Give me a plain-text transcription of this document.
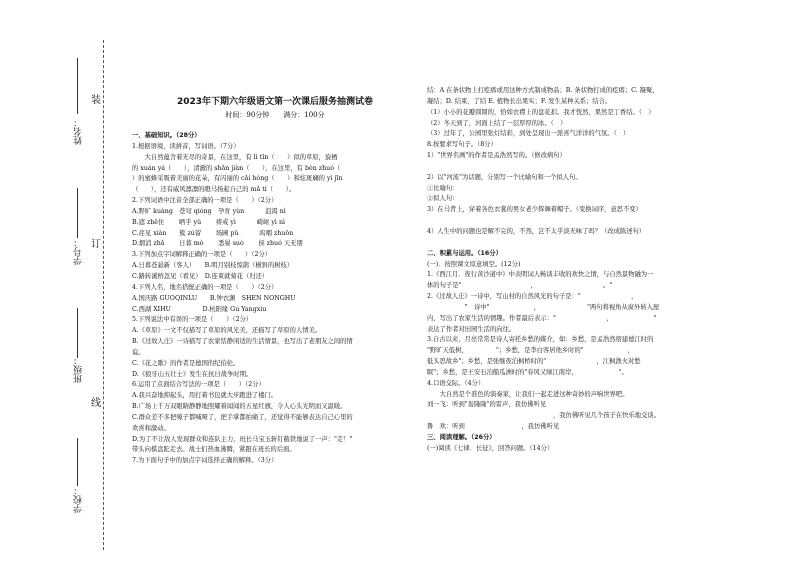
装
订
线
姓名：
学号：
班级：
学校：
2023年下期六年级语文第一次课后服务抽测试卷
时间：90分钟　　满分：100分
一、基础知识。（28分）
1.根据语境，读拼音，写词语。（7分）
　　大自然蕴含着无尽的奇景，在这里，有 lì tǐn（　　）似的草原，旋栖
的 xuán yá（　　），清澈的 shān jiàn（　　），在这里，有 bèn zhuó（　　
）的蜜蜂采吸着美丽的花朵，有闪丽的 cǎi hóng（　　）和炫斑斓的 yì jīn
（　　），还有威风凛凛的瞪马扬起自己的 mǎ tí（　　）。
2.下列词语中注音全部正确的一项是（　　）（2分）
A.野旷 kuàng　苍穹 qióng　孕育 yùn　　　 沮渴 nì
B.遮 zhē住　　 晒乎 yǔ　　 祷戒 yì　　　 崎岖 yì nì
C.荏见 xiàn　　簇 zú留　　 场圃 pǔ　　　 呜咽 zhuǒn
D.烟消 zhǎ　　 日暮 mò　　 悉晏 suò　　 侯 zhuó 天无朋
3.下列加点字词解释正确的一项是（　　）（2分）
A.日暮苍悬新（客人）　　B.明月别枝惊鹊（横斜的树枝）
C.路转溪桥忽见（看见）　D.连束就菊花（归还）
4.下列人名，地名搭配正确的一项是（　　）（2分）
A.国庆路 GUOQINLU　　B.钟衣渊　SHEN NONGHU
C.西湖 XIHU　　　　　D.杭阳缘 Gu Yangxiu
5.下列说法中有误的一项是（　　）（2分）
A.《草原》一文不仅描写了草原的风光美，还描写了草原的人情美。
B.《过故人庄》一诗描写了农家恬静闲适的生活情景，也写出了老朋友之间的情
谊。
C.《花之歌》的作者是德国的纪伯伦。
D.《狼牙山五壮士》发生在抗日战争时期。
6.运用了点面结合写法的一项是（　　）（2分）
A.我兴奋地抑起头，用打着书包就大步跑进了楼门。
B.广场上千万双眼睛静静地照耀着闻闻的五星红旗，令人心头光明而又温暖。
C.群众差不多把嗓子都喊哑了，把手掌都拍痛了，还觉得不能够表达自己心里的
欢喜和激动。
D.为了不让敌人发现群众和连队主力，班长马宝玉斩钉截铁地说了一声："走！"
带头向棋盘陀走去。战士们热血沸腾，紧跟在班长的后面。
7.为下面句子中的加点字词选择正确的解释。（3分）
结：A 在条状物上打疙瘩或用这种方式制成物品；B. 条状物打成的疙瘩；C. 凝聚，
凝结；D. 结束，了结 E. 植物长出果实；F. 发生某种关系；结合。
（1）小小的花瓣圆圆的，恰如衣襟上的盘花扣。我才恍然，果然是丁香结。（　）
（2）冬天到了，河面上结了一层厚厚的冰。（　）
（3）过年了，公园里张灯结彩，到处呈现出一派喜气洋洋的气氛。（　）
8.按要求写句子。（8分）
1）"世界名画"的作者是孟浩然写的。（修改病句）
2）以"河流"为话题，分别写一个比喻句和一个拟人句。
①比喻句：
②拟人句：
3）在马背上，穿着各色衣裳的男女老少挥舞着帽子。（变换词序，意思不变）
4）人生中的问题也是解不完的，不然，岂不太乎淡无味了吗？（改成陈述句）
二、积累与运用。（16分）
(一)．按照课文原意填空。(12分)
1.《西江月．夜行黄沙道中》中表明词人畅谈丰收的欢快之情，与自然景物融为一
体的句子是"　　　　　　　　　　　，　　　　　　　　　　　。"
2.《过故人庄》一诗中，写山村的自然风光的句子是："　　　　　　　　，
　　　　　　"　诗中"　　　　　　　，　　　　　　　　"两句将视角从窗外转入屋
内，写出了农家生活的情趣。作者最后表示："　　　　　　　　，　　　　　　　"
表达了作者对田园生活的向往。
3.自古以来，月亮常常是诗人寄托乡愁的媒介，如：乡愁，是孟浩然宿建德江时的
"野旷天低树，　　　　　"；乡愁，是李白客居他乡时的"　　　　　　　，
低头思故乡"；乡愁，是张继夜泊枫桥时的"　　　　　　　　，江枫渔火对愁
眠"；乡愁，是王安石泊船瓜洲时的"春风又绿江南岸，　　　　　　　"。
4.口语交际。（4分）
　　大自然是个准色的演奏家，让我们一起走进这种奇妙的声响世界吧。
刘一飞：听到"轰隆隆"的雷声，我仿佛听见
　　　　　　　　　　　　　　　　　　　　，我仿佛听见几个孩子在快乐地交谈。
鲁　欢：听到　　　　　　　　　，我仿佛听见
三、阅读理解。（26分）
(一)阅读《七律．长征》，回答问题。（14分）
